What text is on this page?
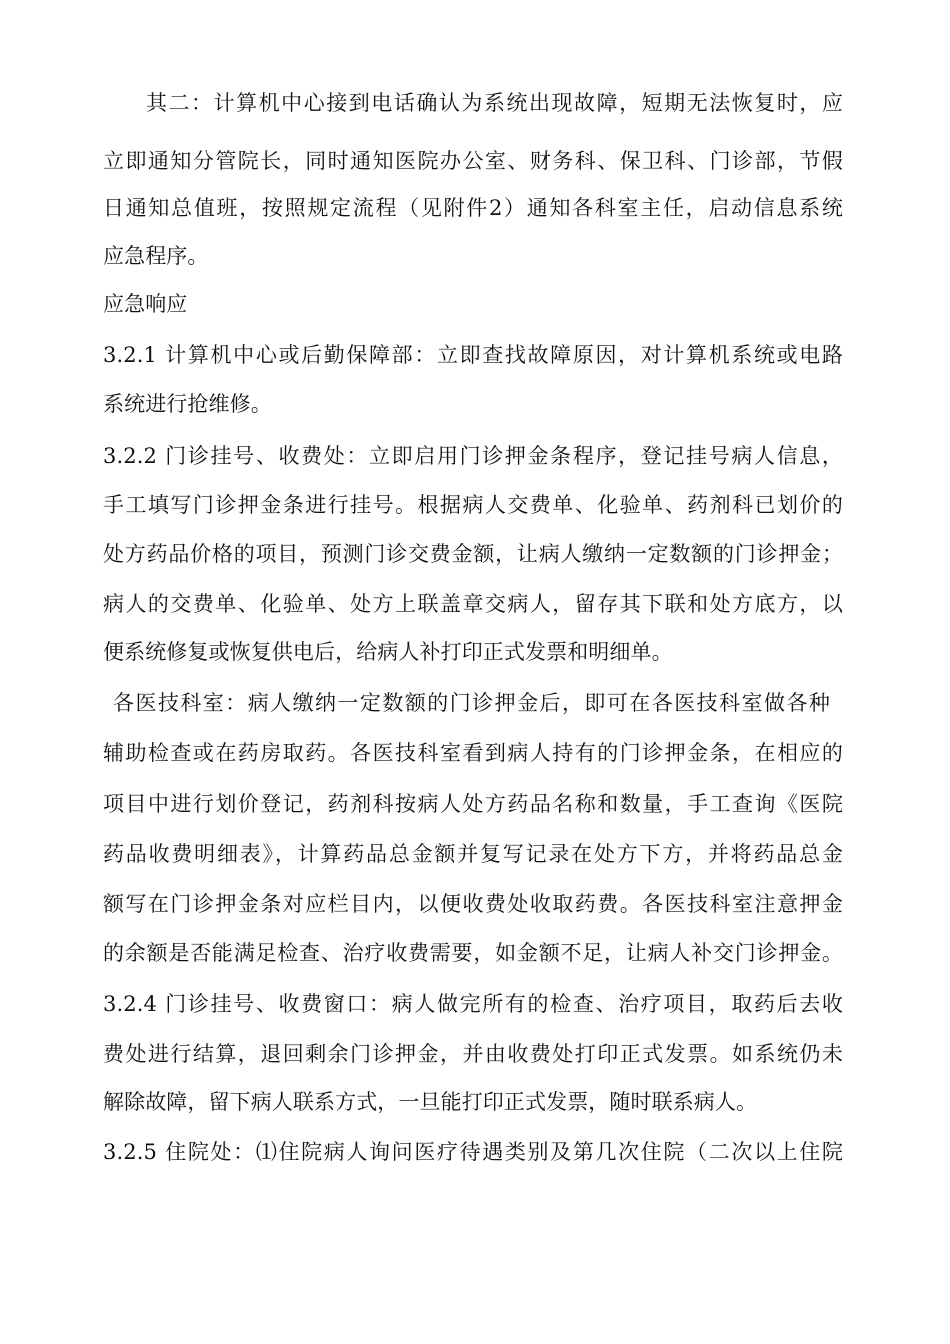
其二：计算机中心接到电话确认为系统出现故障，短期无法恢复时，应
立即通知分管院长，同时通知医院办公室、财务科、保卫科、门诊部，节假
日通知总值班，按照规定流程（见附件2）通知各科室主任，启动信息系统
应急程序。
应急响应
3.2.1 计算机中心或后勤保障部：立即查找故障原因，对计算机系统或电路
系统进行抢维修。
3.2.2 门诊挂号、收费处：立即启用门诊押金条程序，登记挂号病人信息，
手工填写门诊押金条进行挂号。根据病人交费单、化验单、药剂科已划价的
处方药品价格的项目，预测门诊交费金额，让病人缴纳一定数额的门诊押金；
病人的交费单、化验单、处方上联盖章交病人，留存其下联和处方底方，以
便系统修复或恢复供电后，给病人补打印正式发票和明细单。
各医技科室：病人缴纳一定数额的门诊押金后，即可在各医技科室做各种
辅助检查或在药房取药。各医技科室看到病人持有的门诊押金条，在相应的
项目中进行划价登记，药剂科按病人处方药品名称和数量，手工查询《医院
药品收费明细表》，计算药品总金额并复写记录在处方下方，并将药品总金
额写在门诊押金条对应栏目内，以便收费处收取药费。各医技科室注意押金
的余额是否能满足检查、治疗收费需要，如金额不足，让病人补交门诊押金。
3.2.4 门诊挂号、收费窗口：病人做完所有的检查、治疗项目，取药后去收
费处进行结算，退回剩余门诊押金，并由收费处打印正式发票。如系统仍未
解除故障，留下病人联系方式，一旦能打印正式发票，随时联系病人。
3.2.5 住院处：⑴住院病人询问医疗待遇类别及第几次住院（二次以上住院
